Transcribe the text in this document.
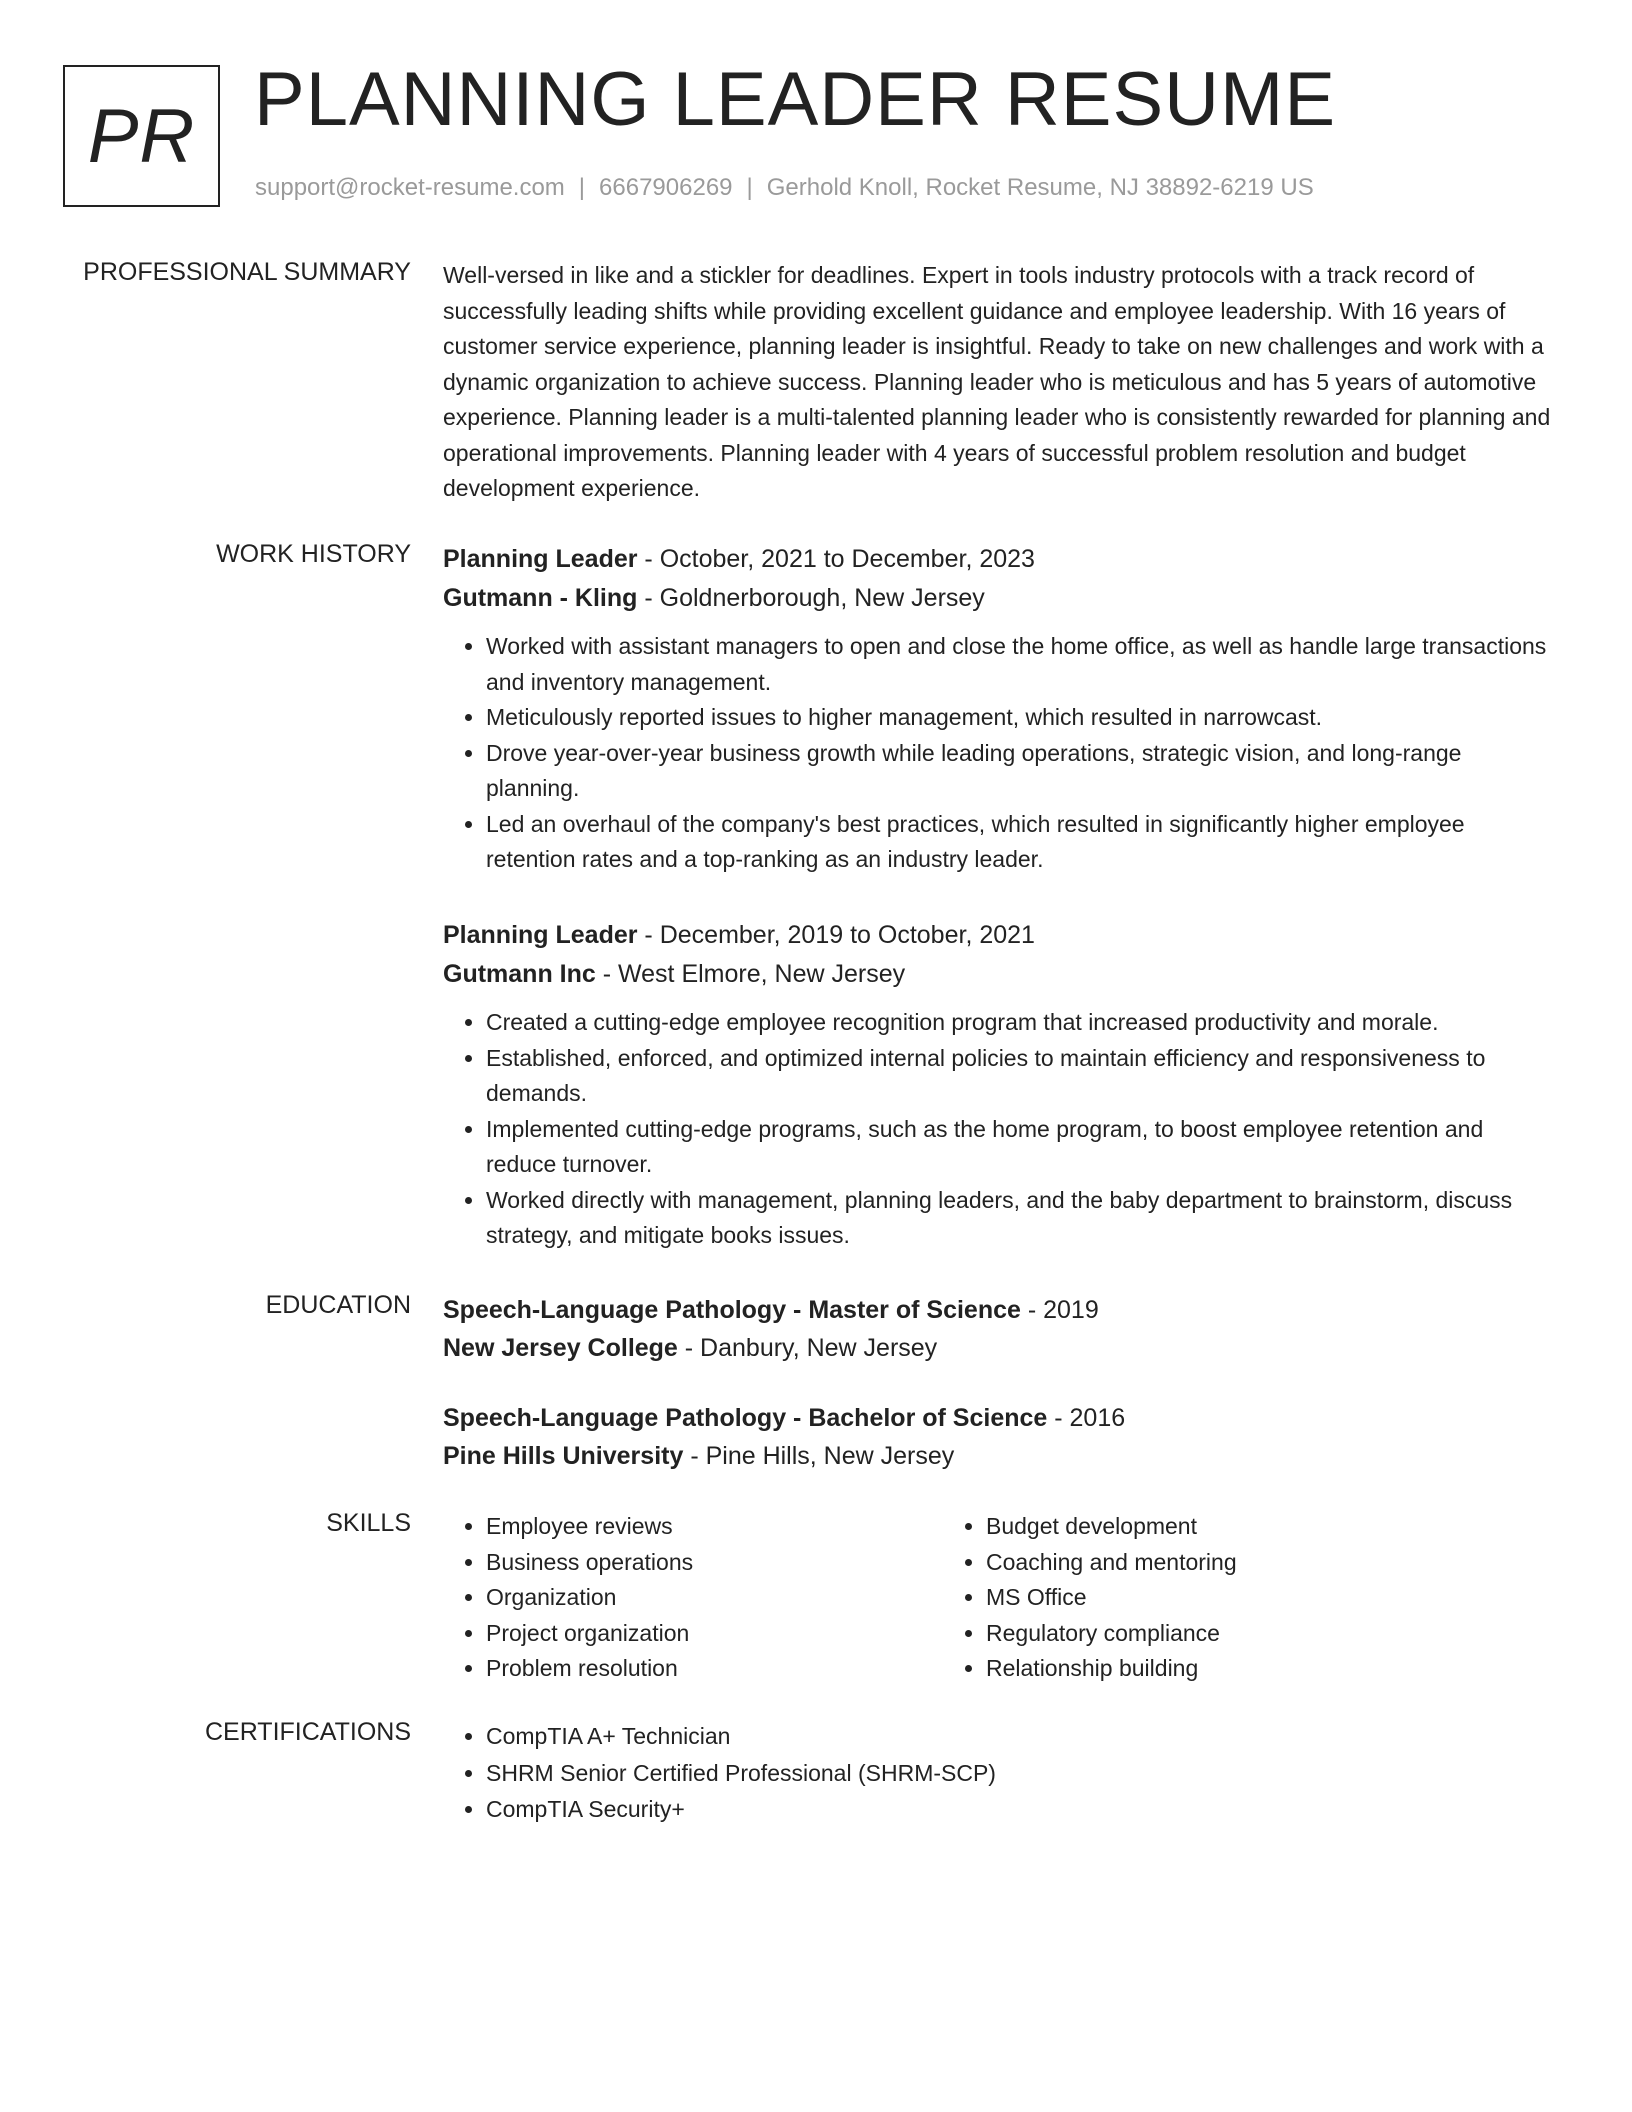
PR PLANNING LEADER RESUME
support@rocket-resume.com | 6667906269 | Gerhold Knoll, Rocket Resume, NJ 38892-6219 US
PROFESSIONAL SUMMARY Well-versed in like and a stickler for deadlines. Expert in tools industry protocols with a track record of successfully leading shifts while providing excellent guidance and employee leadership. With 16 years of customer service experience, planning leader is insightful. Ready to take on new challenges and work with a dynamic organization to achieve success. Planning leader who is meticulous and has 5 years of automotive experience. Planning leader is a multi-talented planning leader who is consistently rewarded for planning and operational improvements. Planning leader with 4 years of successful problem resolution and budget development experience.

WORK HISTORY Planning Leader - October, 2021 to December, 2023
Gutmann - Kling - Goldnerborough, New Jersey
• Worked with assistant managers to open and close the home office, as well as handle large transactions and inventory management.
• Meticulously reported issues to higher management, which resulted in narrowcast.
• Drove year-over-year business growth while leading operations, strategic vision, and long-range planning.
• Led an overhaul of the company's best practices, which resulted in significantly higher employee retention rates and a top-ranking as an industry leader.
Planning Leader - December, 2019 to October, 2021
Gutmann Inc - West Elmore, New Jersey
• Created a cutting-edge employee recognition program that increased productivity and morale.
• Established, enforced, and optimized internal policies to maintain efficiency and responsiveness to demands.
• Implemented cutting-edge programs, such as the home program, to boost employee retention and reduce turnover.
• Worked directly with management, planning leaders, and the baby department to brainstorm, discuss strategy, and mitigate books issues.
EDUCATION Speech-Language Pathology - Master of Science - 2019
New Jersey College - Danbury, New Jersey
Speech-Language Pathology - Bachelor of Science - 2016
Pine Hills University - Pine Hills, New Jersey
SKILLS	• Employee reviews
• Business operations
• Organization
• Project organization
• Problem resolution
• Budget development
• Coaching and mentoring
• MS Office
• Regulatory compliance
• Relationship building
CERTIFICATIONS	• CompTIA A+ Technician
• SHRM Senior Certified Professional (SHRM-SCP)
• CompTIA Security+
